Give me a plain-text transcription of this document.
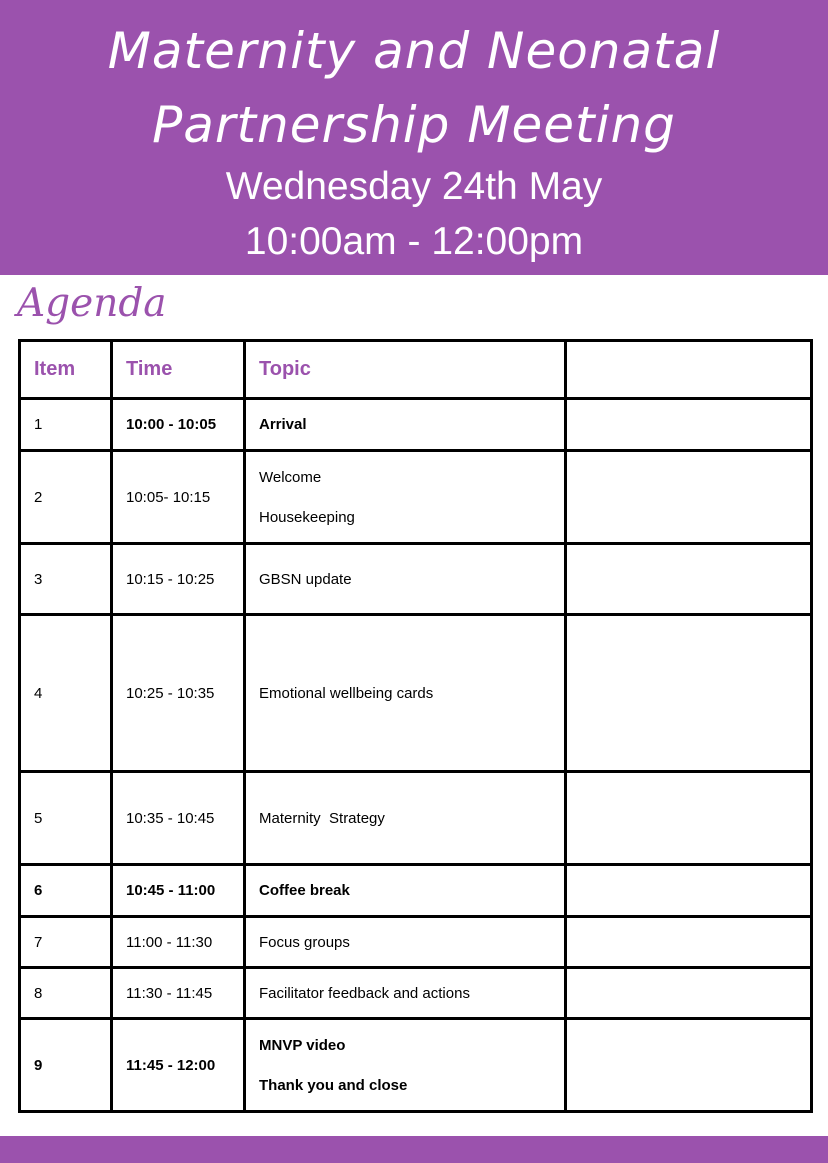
Maternity and Neonatal
Partnership Meeting
Wednesday 24th May
10:00am - 12:00pm
Agenda
Item	Time	Topic	
1	10:00 - 10:05	Arrival	

2	10:05- 10:15	Welcome
Housekeeping	

3	10:15 - 10:25	GBSN update	

4	10:25 - 10:35	Emotional wellbeing cards	

5	10:35 - 10:45	Maternity  Strategy	

6	10:45 - 11:00	Coffee break	

7	11:00 - 11:30	Focus groups	

8	11:30 - 11:45	Facilitator feedback and actions	

9	11:45 - 12:00	MNVP video
Thank you and close	
